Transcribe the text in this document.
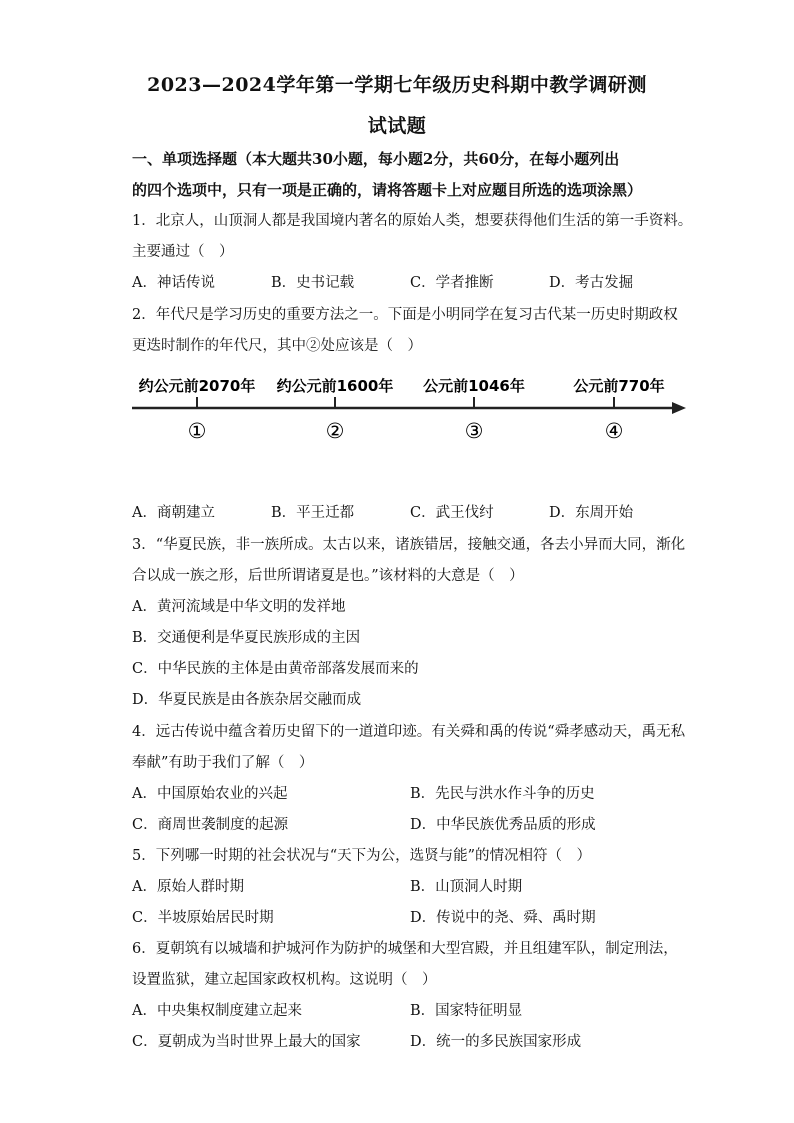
2023—2024学年第一学期七年级历史科期中教学调研测
试试题
一、单项选择题（本大题共30小题，每小题2分，共60分，在每小题列出
的四个选项中，只有一项是正确的，请将答题卡上对应题目所选的选项涂黑）
1．北京人，山顶洞人都是我国境内著名的原始人类，想要获得他们生活的第一手资料。
主要通过（　）
A．神话传说	B．史书记载	C．学者推断	D．考古发掘
2．年代尺是学习历史的重要方法之一。下面是小明同学在复习古代某一历史时期政权
更迭时制作的年代尺，其中②处应该是（　）
约公元前2070年 约公元前1600年 公元前1046年	公元前770年
①	②	③	④
A．商朝建立	B．平王迁都	C．武王伐纣	D．东周开始
3．“华夏民族，非一族所成。太古以来，诸族错居，接触交通，各去小异而大同，渐化
合以成一族之形，后世所谓诸夏是也。”该材料的大意是（　）
A．黄河流域是中华文明的发祥地
B．交通便利是华夏民族形成的主因
C．中华民族的主体是由黄帝部落发展而来的
D．华夏民族是由各族杂居交融而成
4．远古传说中蕴含着历史留下的一道道印迹。有关舜和禹的传说“舜孝感动天，禹无私
奉献”有助于我们了解（　）
A．中国原始农业的兴起	B．先民与洪水作斗争的历史
C．商周世袭制度的起源	D．中华民族优秀品质的形成
5．下列哪一时期的社会状况与“天下为公，选贤与能”的情况相符（　）
A．原始人群时期	B．山顶洞人时期
C．半坡原始居民时期	D．传说中的尧、舜、禹时期
6．夏朝筑有以城墙和护城河作为防护的城堡和大型宫殿，并且组建军队，制定刑法，
设置监狱，建立起国家政权机构。这说明（　）
A．中央集权制度建立起来	B．国家特征明显
C．夏朝成为当时世界上最大的国家	D．统一的多民族国家形成
